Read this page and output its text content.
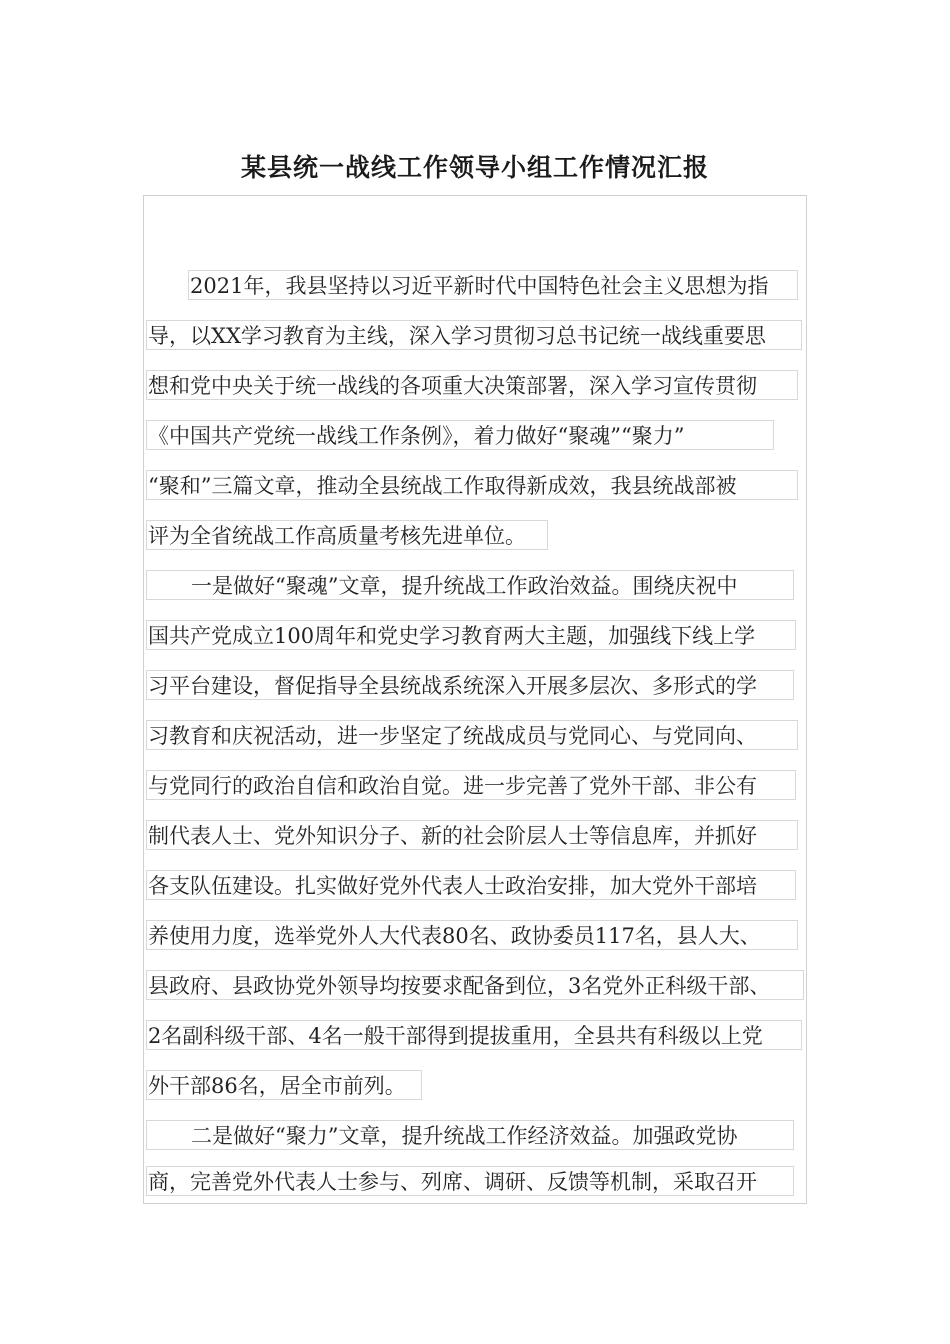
某县统一战线工作领导小组工作情况汇报
2021年，我县坚持以习近平新时代中国特色社会主义思想为指
导，以XX学习教育为主线，深入学习贯彻习总书记统一战线重要思
想和党中央关于统一战线的各项重大决策部署，深入学习宣传贯彻
《中国共产党统一战线工作条例》，着力做好“聚魂”“聚力”
“聚和”三篇文章，推动全县统战工作取得新成效，我县统战部被
评为全省统战工作高质量考核先进单位。
一是做好“聚魂”文章，提升统战工作政治效益。围绕庆祝中
国共产党成立100周年和党史学习教育两大主题，加强线下线上学
习平台建设，督促指导全县统战系统深入开展多层次、多形式的学
习教育和庆祝活动，进一步坚定了统战成员与党同心、与党同向、
与党同行的政治自信和政治自觉。进一步完善了党外干部、非公有
制代表人士、党外知识分子、新的社会阶层人士等信息库，并抓好
各支队伍建设。扎实做好党外代表人士政治安排，加大党外干部培
养使用力度，选举党外人大代表80名、政协委员117名，县人大、
县政府、县政协党外领导均按要求配备到位，3名党外正科级干部、
2名副科级干部、4名一般干部得到提拔重用，全县共有科级以上党
外干部86名，居全市前列。
二是做好“聚力”文章，提升统战工作经济效益。加强政党协
商，完善党外代表人士参与、列席、调研、反馈等机制，采取召开
